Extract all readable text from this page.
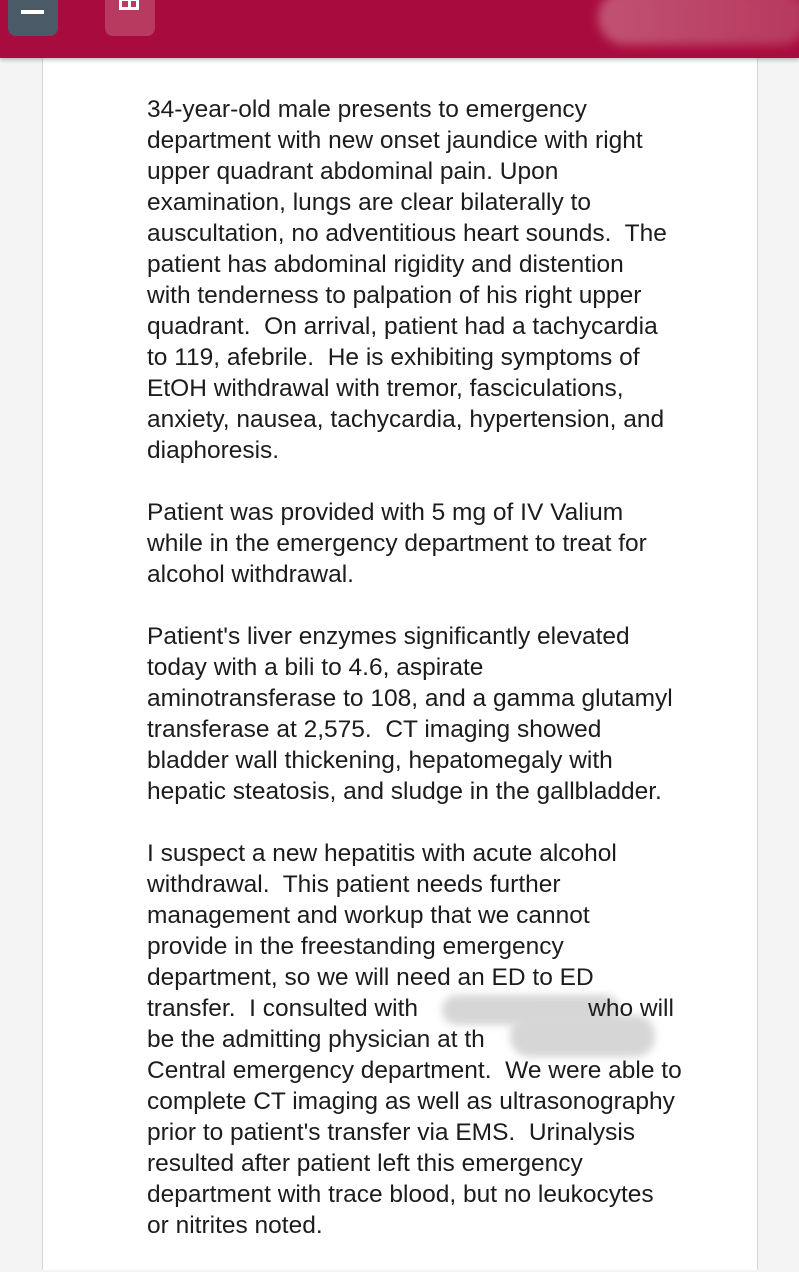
34-year-old male presents to emergency
department with new onset jaundice with right
upper quadrant abdominal pain. Upon
examination, lungs are clear bilaterally to
auscultation, no adventitious heart sounds.  The
patient has abdominal rigidity and distention
with tenderness to palpation of his right upper
quadrant.  On arrival, patient had a tachycardia
to 119, afebrile.  He is exhibiting symptoms of
EtOH withdrawal with tremor, fasciculations,
anxiety, nausea, tachycardia, hypertension, and
diaphoresis.
Patient was provided with 5 mg of IV Valium
while in the emergency department to treat for
alcohol withdrawal.
Patient's liver enzymes significantly elevated
today with a bili to 4.6, aspirate
aminotransferase to 108, and a gamma glutamyl
transferase at 2,575.  CT imaging showed
bladder wall thickening, hepatomegaly with
hepatic steatosis, and sludge in the gallbladder.
I suspect a new hepatitis with acute alcohol
withdrawal.  This patient needs further
management and workup that we cannot
provide in the freestanding emergency
department, so we will need an ED to ED
transfer.  I consulted with                         who will
be the admitting physician at th
Central emergency department.  We were able to
complete CT imaging as well as ultrasonography
prior to patient's transfer via EMS.  Urinalysis
resulted after patient left this emergency
department with trace blood, but no leukocytes
or nitrites noted.
